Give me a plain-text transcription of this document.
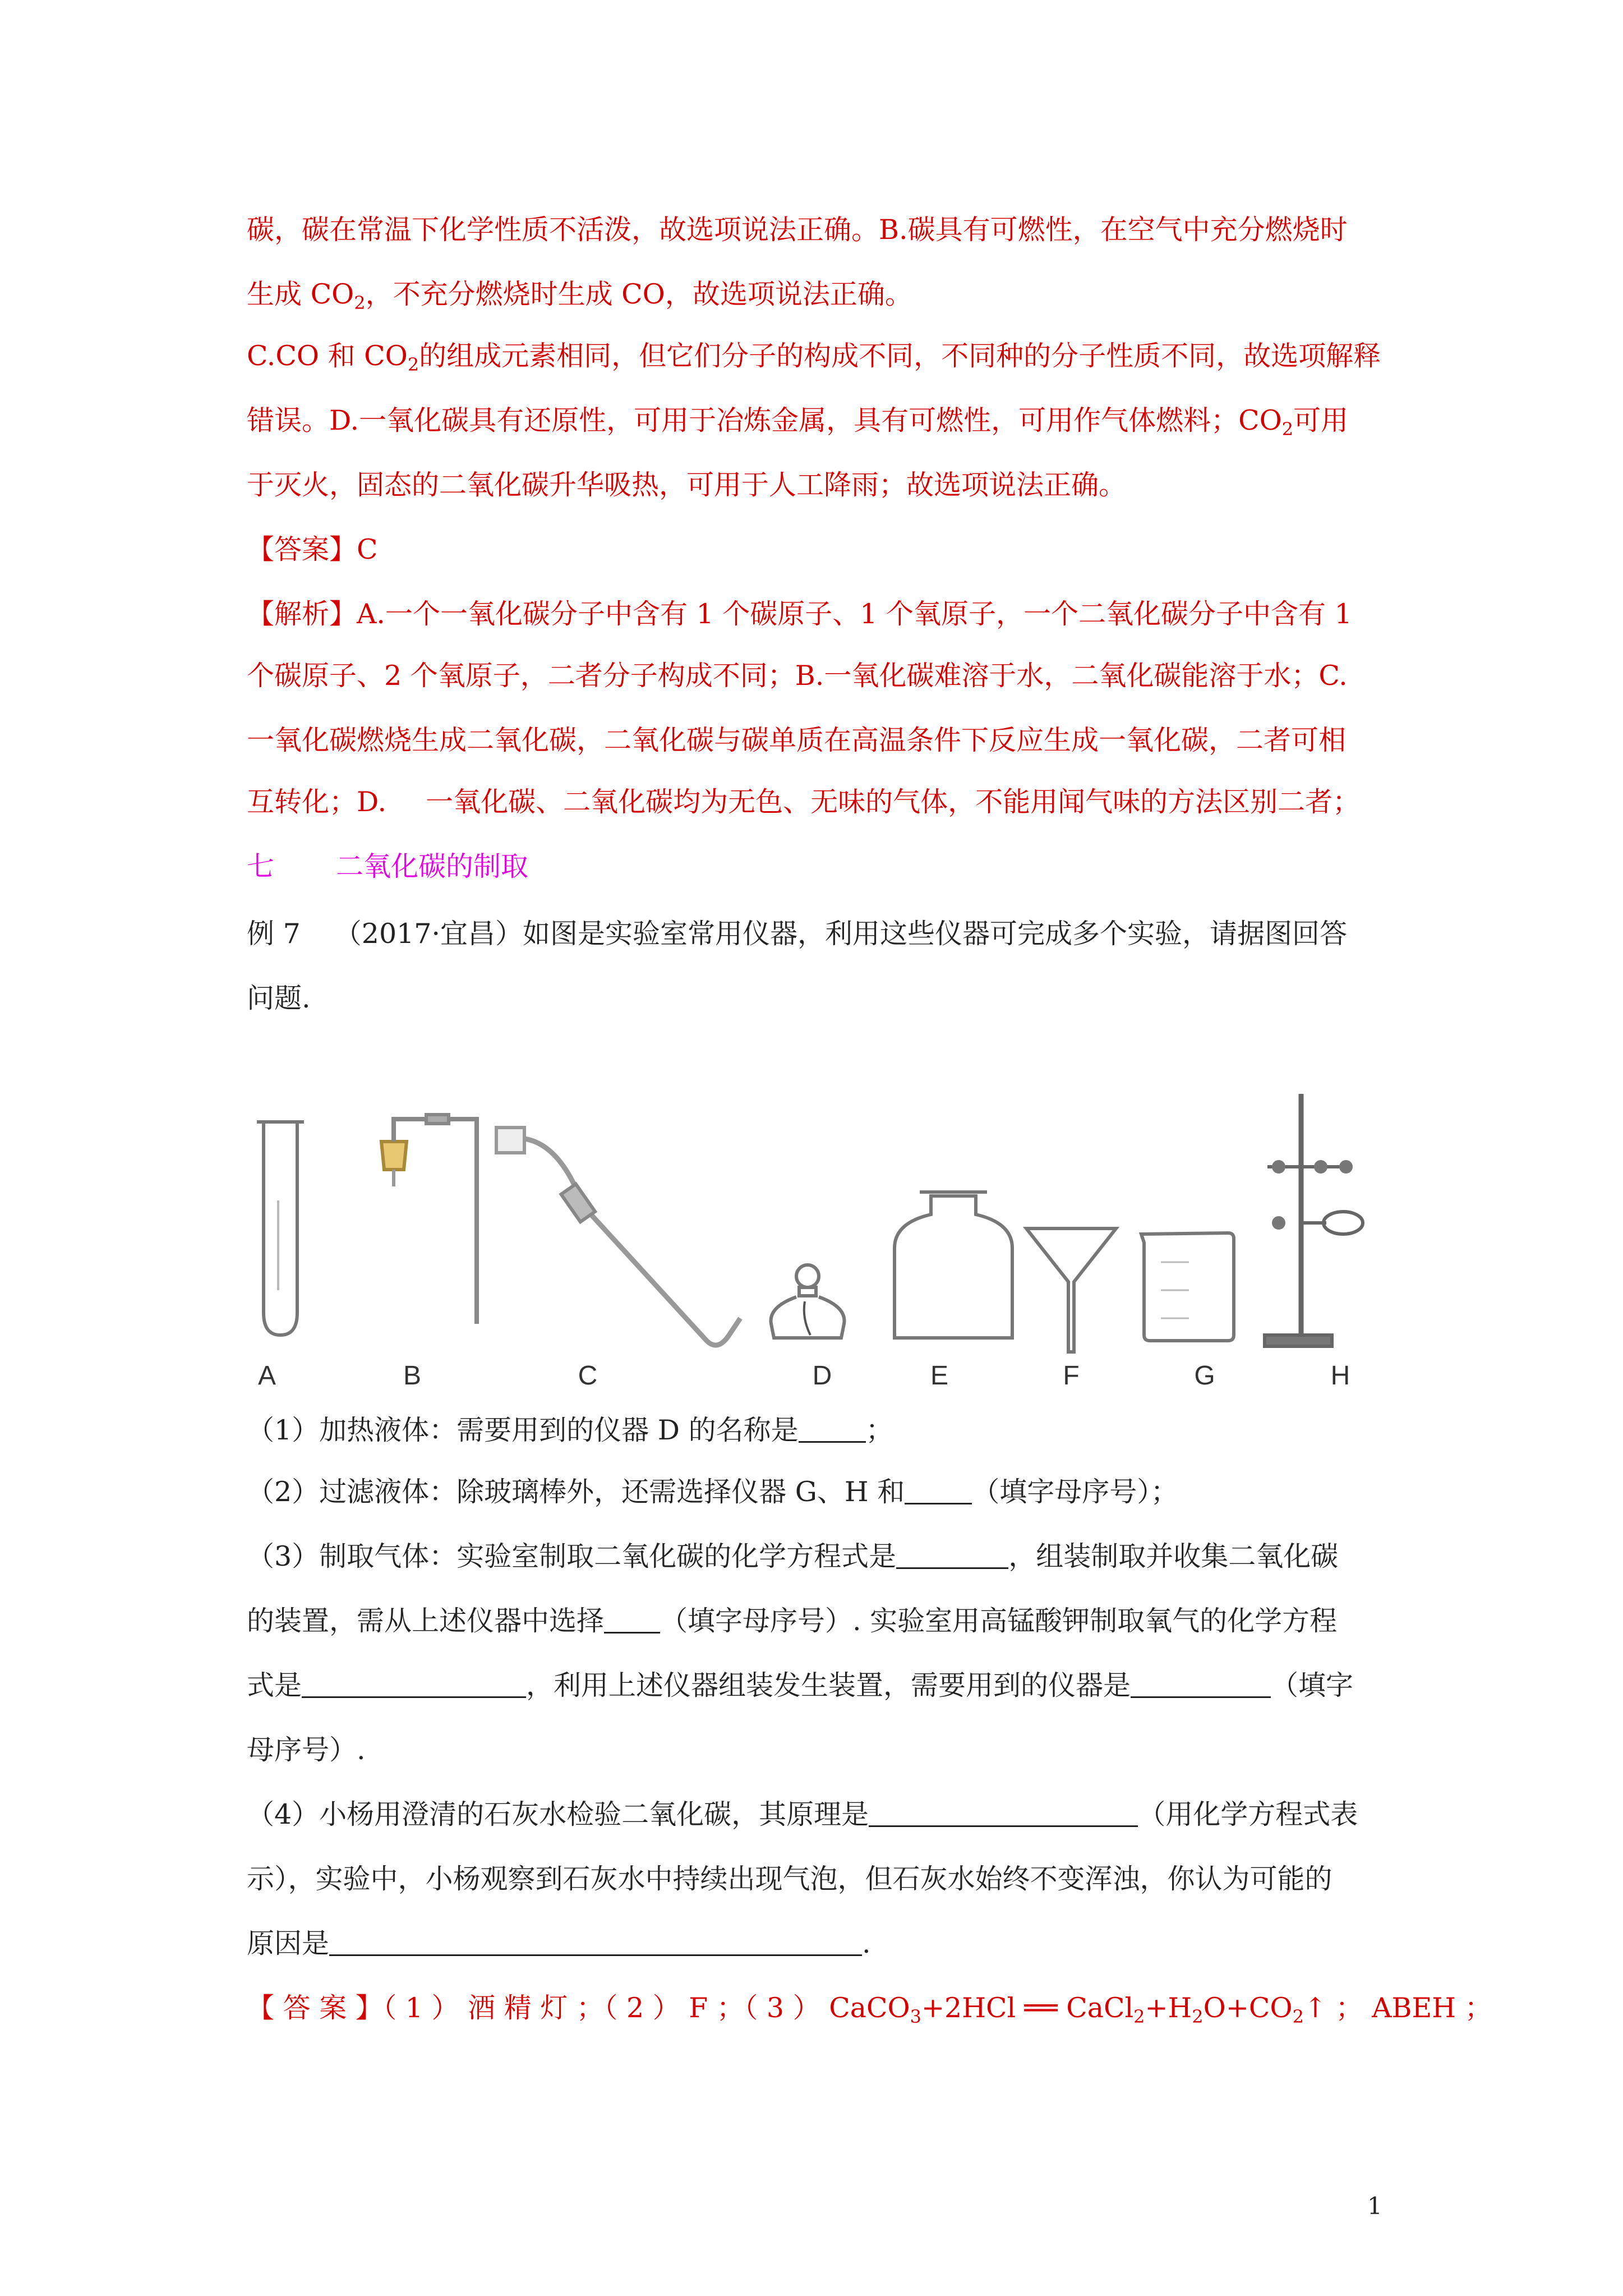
碳，碳在常温下化学性质不活泼，故选项说法正确。B.碳具有可燃性，在空气中充分燃烧时
生成 $CO_2$，不充分燃烧时生成 CO，故选项说法正确。
C.CO 和 $CO_2$的组成元素相同，但它们分子的构成不同，不同种的分子性质不同，故选项解释
错误。D.一氧化碳具有还原性，可用于冶炼金属，具有可燃性，可用作气体燃料；$CO_2$可用
于灭火，固态的二氧化碳升华吸热，可用于人工降雨；故选项说法正确。
【答案】C
【解析】A.一个一氧化碳分子中含有 1 个碳原子、1 个氧原子，一个二氧化碳分子中含有 1
个碳原子、2 个氧原子，二者分子构成不同；B.一氧化碳难溶于水，二氧化碳能溶于水；C.
一氧化碳燃烧生成二氧化碳，二氧化碳与碳单质在高温条件下反应生成一氧化碳，二者可相
互转化；D. 一氧化碳、二氧化碳均为无色、无味的气体，不能用闻气味的方法区别二者；
七 二氧化碳的制取
例 7 （2017·宜昌）如图是实验室常用仪器，利用这些仪器可完成多个实验，请据图回答
问题.
A	B	C	D	E	F	G	H
（1）加热液体：需要用到的仪器 D 的名称是 ；
（2）过滤液体：除玻璃棒外，还需选择仪器 G、H 和 （填字母序号）；
（3）制取气体：实验室制取二氧化碳的化学方程式是	，组装制取并收集二氧化碳
的装置，需从上述仪器中选择 （填字母序号）. 实验室用高锰酸钾制取氧气的化学方程
式是	，利用上述仪器组装发生装置，需要用到的仪器是	（填字
母序号）.
（4）小杨用澄清的石灰水检验二氧化碳，其原理是	（用化学方程式表
示），实验中，小杨观察到石灰水中持续出现气泡，但石灰水始终不变浑浊，你认为可能的
原因是	.
【 答 案 】（ 1 ） 酒 精 灯 ；（ 2 ） F ；（ 3 ） CaCO$_3$+2HCl ══ $CaCl_2+H_2O+CO_2↑$ ； ABEH ；
1
